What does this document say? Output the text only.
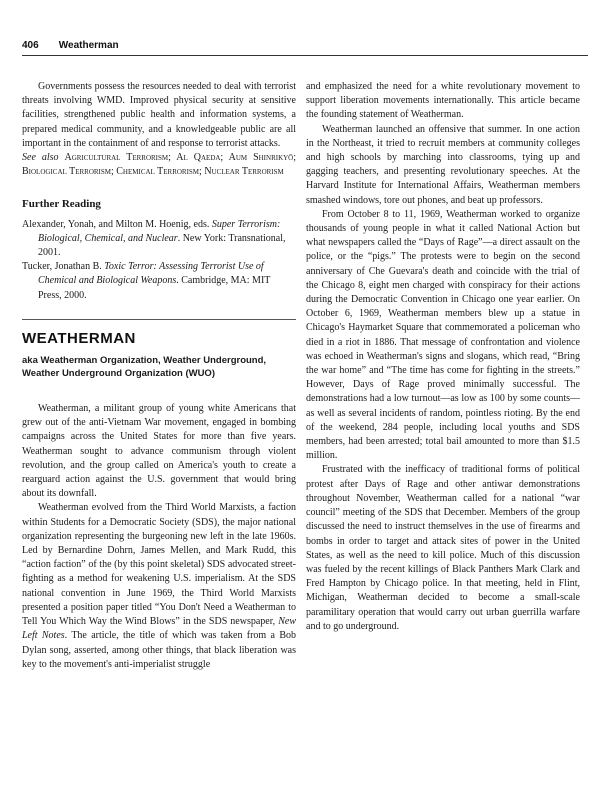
406 Weatherman

Governments possess the resources needed to deal with terrorist threats involving WMD. Improved physical security at sensitive facilities, strengthened public health and information systems, a prepared medical community, and a knowledgeable public are all important in the containment of and response to terrorist attacks.

See also Agricultural Terrorism; Al Qaeda; Aum Shinrikyō; Biological Terrorism; Chemical Terrorism; Nuclear Terrorism

Further Reading

Alexander, Yonah, and Milton M. Hoenig, eds. Super Terrorism: Biological, Chemical, and Nuclear. New York: Transnational, 2001.

Tucker, Jonathan B. Toxic Terror: Assessing Terrorist Use of Chemical and Biological Weapons. Cambridge, MA: MIT Press, 2000.

WEATHERMAN
aka Weatherman Organization, Weather Underground, Weather Underground Organization (WUO)

Weatherman, a militant group of young white Americans that grew out of the anti-Vietnam War movement, engaged in bombing campaigns across the United States for more than five years. Weatherman sought to advance communism through violent revolution, and the group called on America's youth to create a rearguard action against the U.S. government that would bring about its downfall.

Weatherman evolved from the Third World Marxists, a faction within Students for a Democratic Society (SDS), the major national organization representing the burgeoning new left in the late 1960s. Led by Bernardine Dohrn, James Mellen, and Mark Rudd, this “action faction” of the (by this point skeletal) SDS advocated street-fighting as a method for weakening U.S. imperialism. At the SDS national convention in June 1969, the Third World Marxists presented a position paper titled “You Don't Need a Weatherman to Tell You Which Way the Wind Blows” in the SDS newspaper, New Left Notes. The article, the title of which was taken from a Bob Dylan song, asserted, among other things, that black liberation was key to the movement's anti-imperialist struggle

and emphasized the need for a white revolutionary movement to support liberation movements internationally. This article became the founding statement of Weatherman.

Weatherman launched an offensive that summer. In one action in the Northeast, it tried to recruit members at community colleges and high schools by marching into classrooms, tying up and gagging teachers, and presenting revolutionary speeches. At the Harvard Institute for International Affairs, Weatherman members smashed windows, tore out phones, and beat up professors.

From October 8 to 11, 1969, Weatherman worked to organize thousands of young people in what it called National Action but what newspapers called the “Days of Rage”—a direct assault on the police, or the “pigs.” The protests were to begin on the second anniversary of Che Guevara's death and coincide with the trial of the Chicago 8, eight men charged with conspiracy for their actions during the Democratic Convention in Chicago one year earlier. On October 6, 1969, Weatherman members blew up a statue in Chicago's Haymarket Square that commemorated a policeman who died in a riot in 1886. That message of confrontation and violence was echoed in Weatherman's signs and slogans, which read, “Bring the war home” and “The time has come for fighting in the streets.” However, Days of Rage proved minimally successful. The demonstrations had a low turnout—as low as 100 by some counts—as well as several incidents of random, pointless rioting. By the end of the weekend, 284 people, including local youths and SDS members, had been arrested; total bail amounted to more than $1.5 million.

Frustrated with the inefficacy of traditional forms of political protest after Days of Rage and other antiwar demonstrations throughout November, Weatherman called for a national “war council” meeting of the SDS that December. Members of the group discussed the need to instruct themselves in the use of firearms and bombs in order to target and attack sites of power in the United States, as well as the need to kill police. Much of this discussion was fueled by the recent killings of Black Panthers Mark Clark and Fred Hampton by Chicago police. In that meeting, held in Flint, Michigan, Weatherman decided to become a small-scale paramilitary operation that would carry out urban guerrilla warfare and to go underground.
